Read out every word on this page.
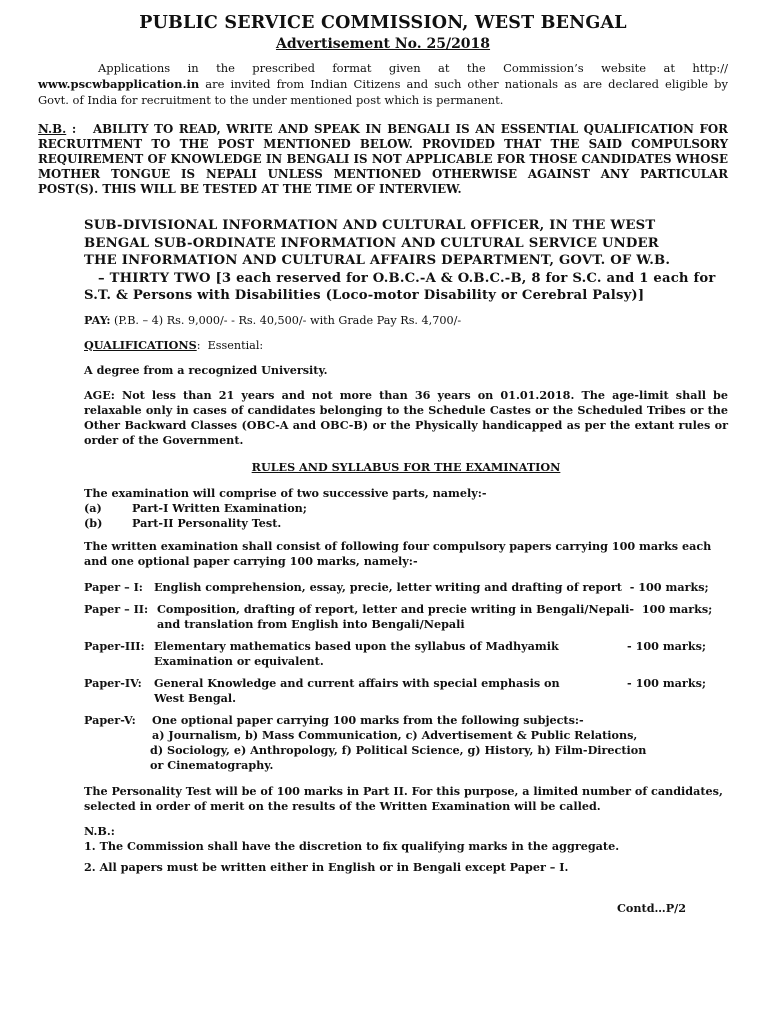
PUBLIC SERVICE COMMISSION, WEST BENGAL
Advertisement No. 25/2018

Applications in the prescribed format given at the Commission’s website at http:// www.pscwbapplication.in are invited from Indian Citizens and such other nationals as are declared eligible by Govt. of India for recruitment to the under mentioned post which is permanent.

N.B. : ABILITY TO READ, WRITE AND SPEAK IN BENGALI IS AN ESSENTIAL QUALIFICATION FOR RECRUITMENT TO THE POST MENTIONED BELOW. PROVIDED THAT THE SAID COMPULSORY REQUIREMENT OF KNOWLEDGE IN BENGALI IS NOT APPLICABLE FOR THOSE CANDIDATES WHOSE MOTHER TONGUE IS NEPALI UNLESS MENTIONED OTHERWISE AGAINST ANY PARTICULAR POST(S). THIS WILL BE TESTED AT THE TIME OF INTERVIEW.

SUB-DIVISIONAL INFORMATION AND CULTURAL OFFICER, IN THE WEST
BENGAL SUB-ORDINATE INFORMATION AND CULTURAL SERVICE UNDER
THE INFORMATION AND CULTURAL AFFAIRS DEPARTMENT, GOVT. OF W.B.
– THIRTY TWO [3 each reserved for O.B.C.-A & O.B.C.-B, 8 for S.C. and 1 each for
S.T. & Persons with Disabilities (Loco-motor Disability or Cerebral Palsy)]
PAY: (P.B. – 4) Rs. 9,000/- - Rs. 40,500/- with Grade Pay Rs. 4,700/-
QUALIFICATIONS: Essential:
A degree from a recognized University.
AGE: Not less than 21 years and not more than 36 years on 01.01.2018. The age-limit shall be relaxable only in cases of candidates belonging to the Schedule Castes or the Scheduled Tribes or the Other Backward Classes (OBC-A and OBC-B) or the Physically handicapped as per the extant rules or order of the Government.
RULES AND SYLLABUS FOR THE EXAMINATION
The examination will comprise of two successive parts, namely:-
(a)	Part-I Written Examination;
(b)	Part-II Personality Test.
The written examination shall consist of following four compulsory papers carrying 100 marks each and one optional paper carrying 100 marks, namely:-
Paper – I: English comprehension, essay, precie, letter writing and drafting of report - 100 marks;
Paper – II: Composition, drafting of report, letter and precie writing in Bengali/Nepali- 100 marks;
and translation from English into Bengali/Nepali
Paper-III: Elementary mathematics based upon the syllabus of Madhyamik
Examination or equivalent.
- 100 marks;
Paper-IV:	General Knowledge and current affairs with special emphasis on
West Bengal.
- 100 marks;
Paper-V:	One optional paper carrying 100 marks from the following subjects:-
a) Journalism, b) Mass Communication, c) Advertisement & Public Relations,
d) Sociology, e) Anthropology, f) Political Science, g) History, h) Film-Direction
or Cinematography.
The Personality Test will be of 100 marks in Part II. For this purpose, a limited number of candidates, selected in order of merit on the results of the Written Examination will be called.
N.B.:
1. The Commission shall have the discretion to fix qualifying marks in the aggregate.
2. All papers must be written either in English or in Bengali except Paper – I.
Contd…P/2
